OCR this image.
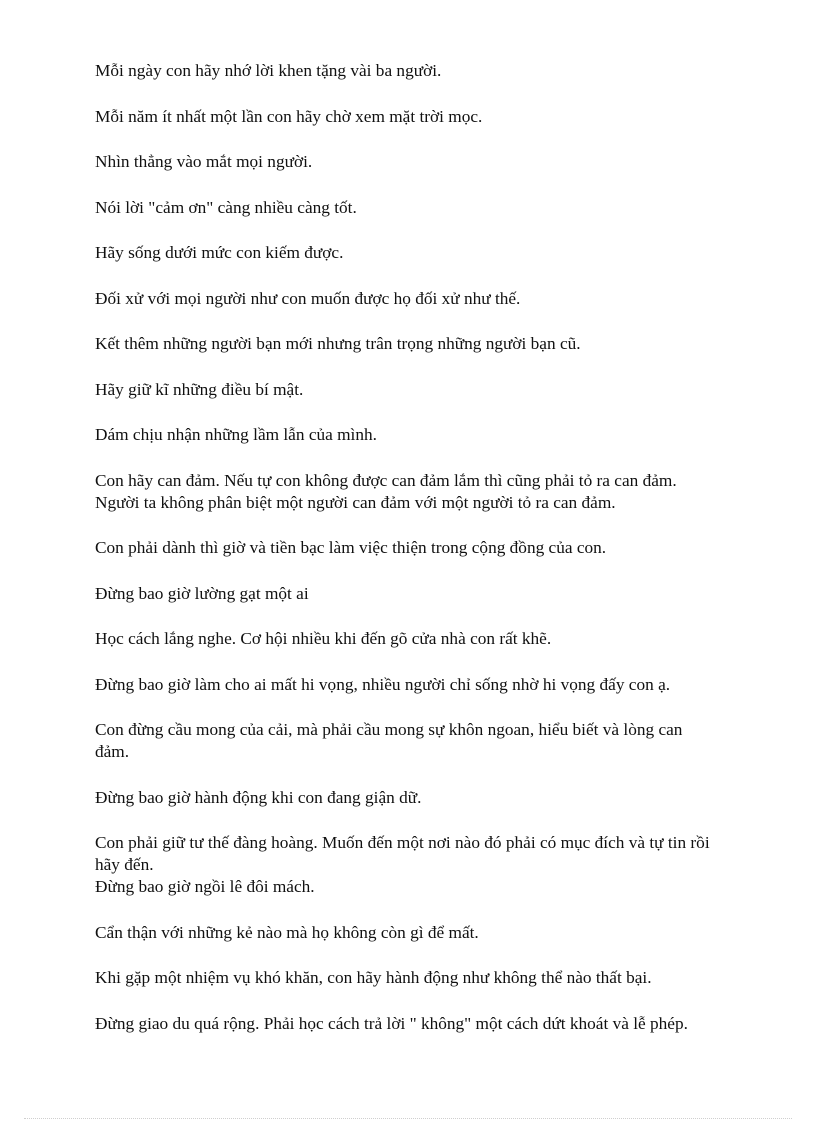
Mỗi ngày con hãy nhớ lời khen tặng vài ba người.

Mỗi năm ít nhất một lần con hãy chờ xem mặt trời mọc.

Nhìn thẳng vào mắt mọi người.

Nói lời "cảm ơn" càng nhiều càng tốt.

Hãy sống dưới mức con kiếm được.

Đối xử với mọi người như con muốn được họ đối xử như thế.

Kết thêm những người bạn mới nhưng trân trọng những người bạn cũ.

Hãy giữ kĩ những điều bí mật.

Dám chịu nhận những lầm lẫn của mình.

Con hãy can đảm. Nếu tự con không được can đảm lắm thì cũng phải tỏ ra can đảm.
Người ta không phân biệt một người can đảm với một người tỏ ra can đảm.

Con phải dành thì giờ và tiền bạc làm việc thiện trong cộng đồng của con.

Đừng bao giờ lường gạt một ai

Học cách lắng nghe. Cơ hội nhiều khi đến gõ cửa nhà con rất khẽ.

Đừng bao giờ làm cho ai mất hi vọng, nhiều người chỉ sống nhờ hi vọng đấy con ạ.

Con đừng cầu mong của cải, mà phải cầu mong sự khôn ngoan, hiểu biết và lòng can
đảm.

Đừng bao giờ hành động khi con đang giận dữ.

Con phải giữ tư thế đàng hoàng. Muốn đến một nơi nào đó phải có mục đích và tự tin rồi
hãy đến.
Đừng bao giờ ngồi lê đôi mách.

Cẩn thận với những kẻ nào mà họ không còn gì để mất.

Khi gặp một nhiệm vụ khó khăn, con hãy hành động như không thể nào thất bại.

Đừng giao du quá rộng. Phải học cách trả lời " không" một cách dứt khoát và lễ phép.
